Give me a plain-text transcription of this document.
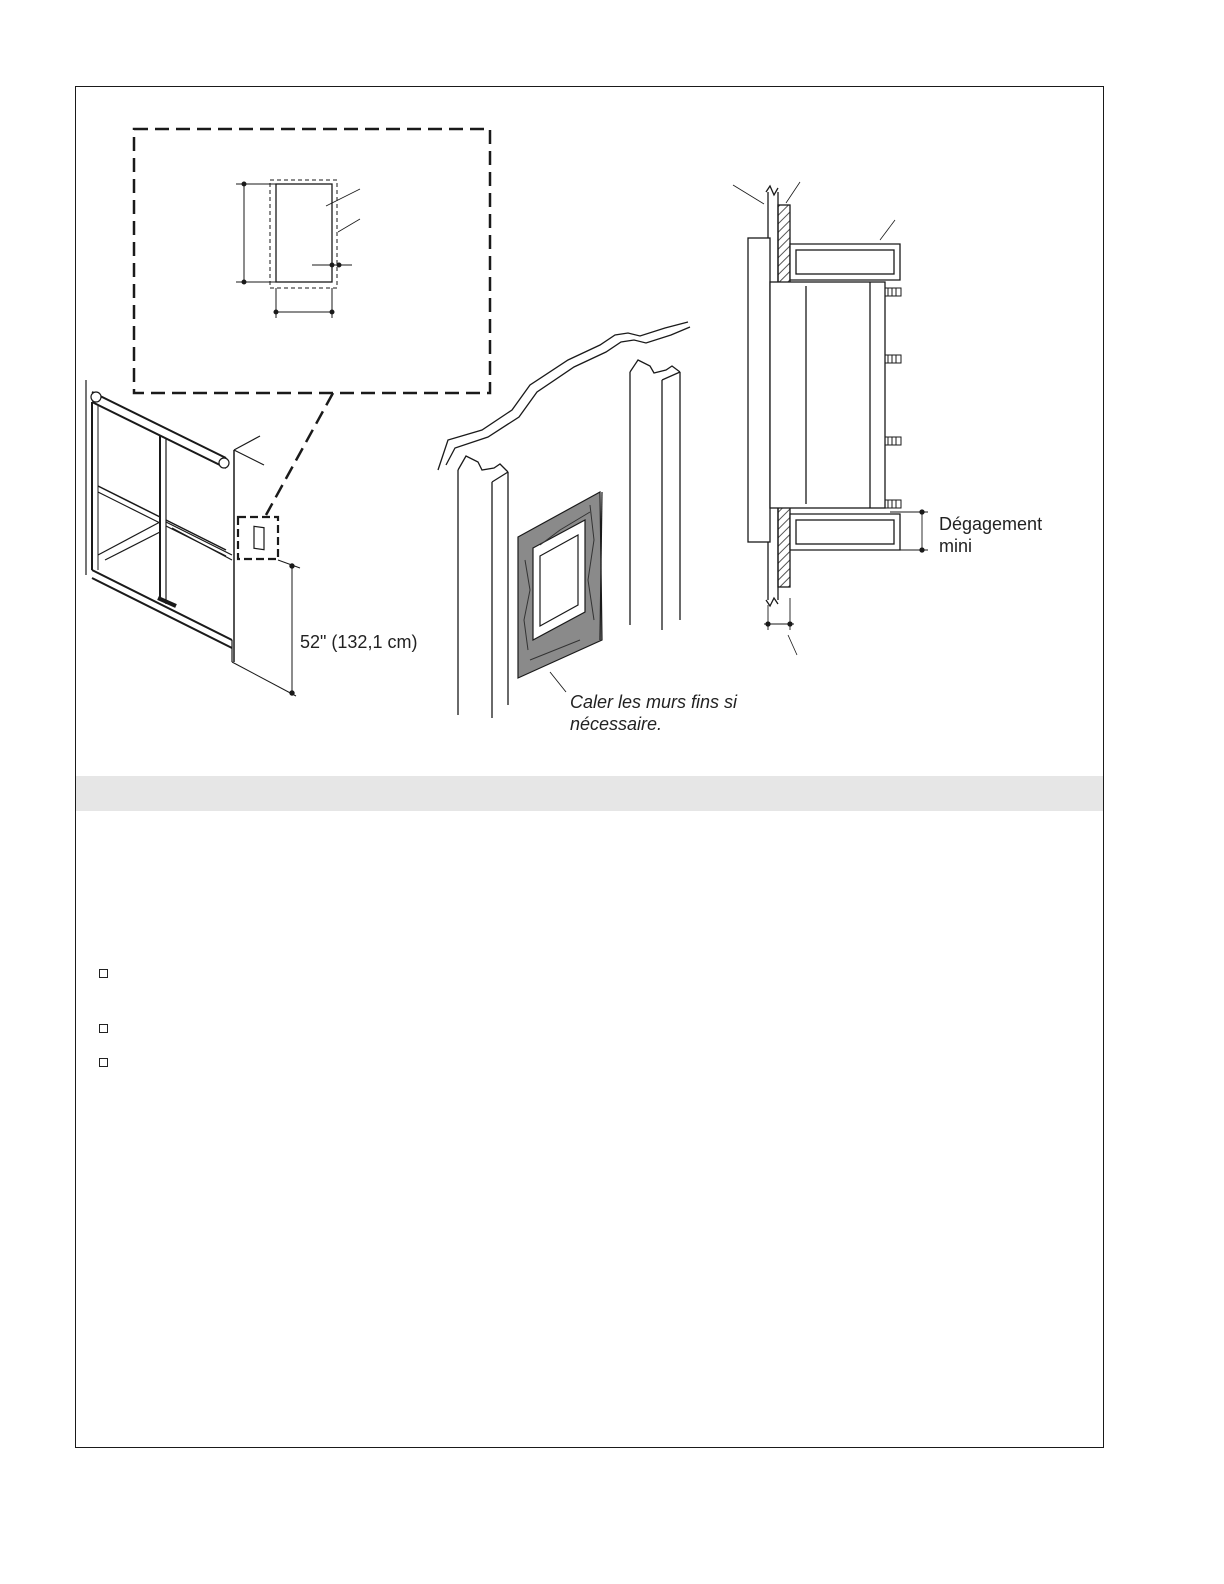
52" (132,1 cm)

Dégagement

mini

Caler les murs fins si

nécessaire.
